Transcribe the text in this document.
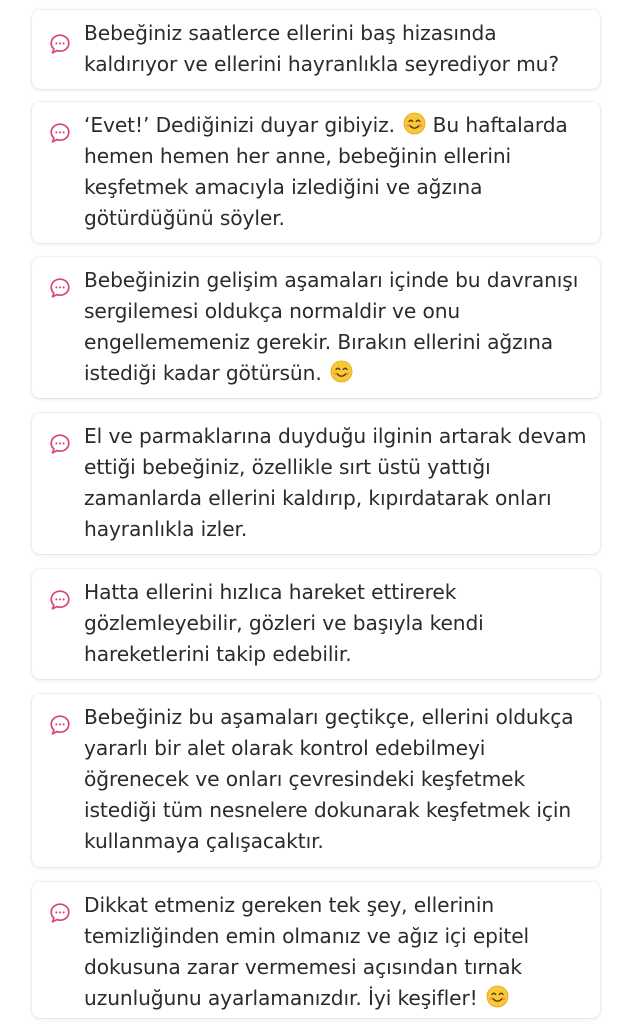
Bebeğiniz saatlerce ellerini baş hizasında
kaldırıyor ve ellerini hayranlıkla seyrediyor mu?

‘Evet!’ Dediğinizi duyar gibiyiz.  Bu haftalarda
hemen hemen her anne, bebeğinin ellerini
keşfetmek amacıyla izlediğini ve ağzına
götürdüğünü söyler.

Bebeğinizin gelişim aşamaları içinde bu davranışı
sergilemesi oldukça normaldir ve onu
engellememeniz gerekir. Bırakın ellerini ağzına
istediği kadar götürsün.

El ve parmaklarına duyduğu ilginin artarak devam
ettiği bebeğiniz, özellikle sırt üstü yattığı
zamanlarda ellerini kaldırıp, kıpırdatarak onları
hayranlıkla izler.

Hatta ellerini hızlıca hareket ettirerek
gözlemleyebilir, gözleri ve başıyla kendi
hareketlerini takip edebilir.

Bebeğiniz bu aşamaları geçtikçe, ellerini oldukça
yararlı bir alet olarak kontrol edebilmeyi
öğrenecek ve onları çevresindeki keşfetmek
istediği tüm nesnelere dokunarak keşfetmek için
kullanmaya çalışacaktır.

Dikkat etmeniz gereken tek şey, ellerinin
temizliğinden emin olmanız ve ağız içi epitel
dokusuna zarar vermemesi açısından tırnak
uzunluğunu ayarlamanızdır. İyi keşifler!
